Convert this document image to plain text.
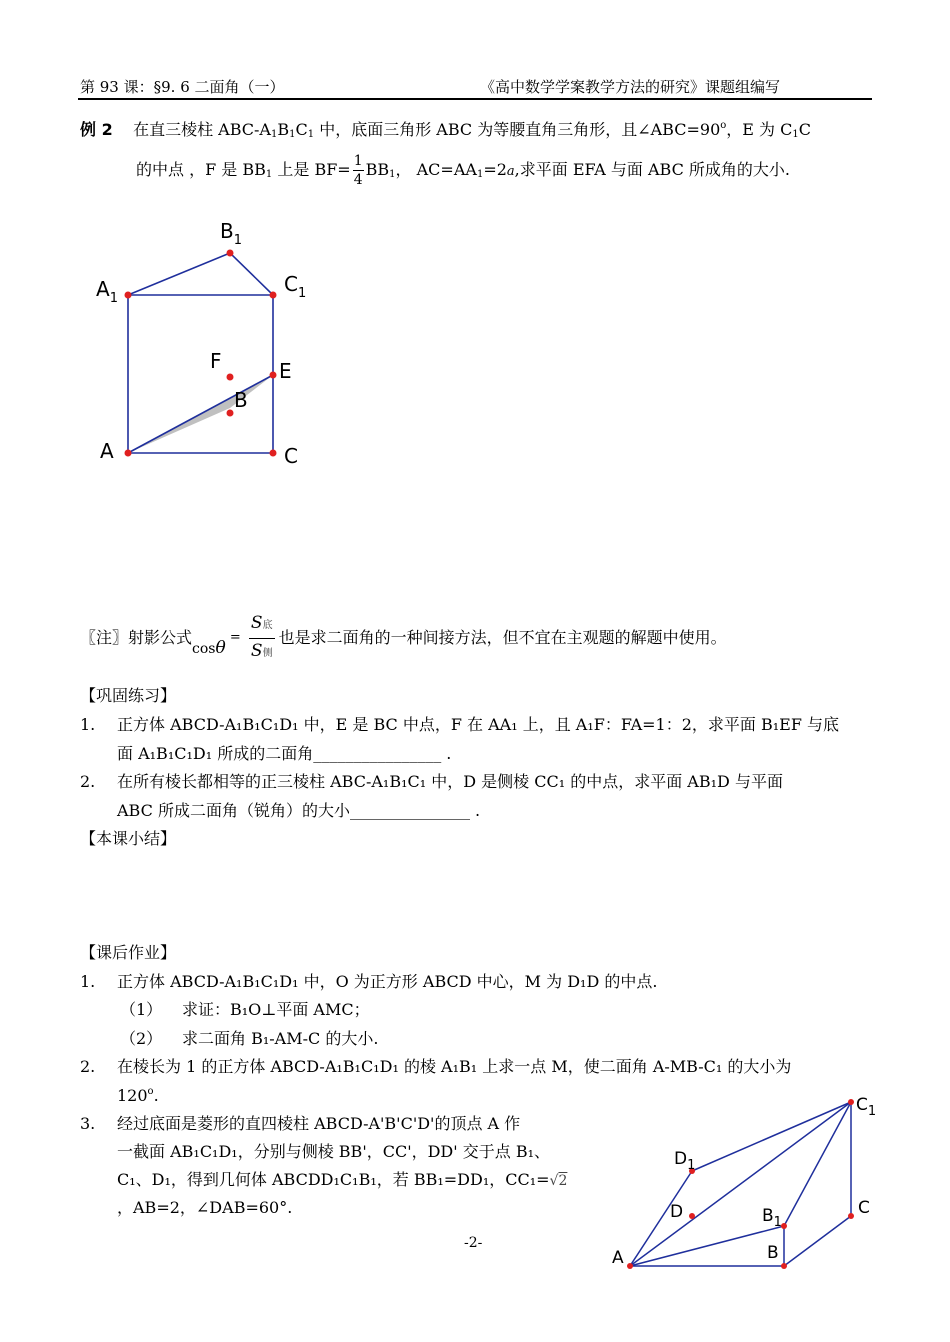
第 93 课：§9. 6 二面角（一）	《高中数学学案教学方法的研究》课题组编写
例 2 在直三棱柱 ABC-$A_1B_1C_1$ 中，底面三角形 ABC 为等腰直角三角形，且$\angle ABC=90^o$，E 为 $C_1C$
的中点 ，F 是 $BB_1$ 上是 $BF= \frac{1}{4} BB_1$， $AC=AA_1=2a$,求平面 EFA 与面 ABC 所成角的大小.
$B_1$
$A_1$
$C_1$
F	E
B
A	C
〖注〗射影公式$\cos\theta = \frac{\text{S底}}{\text{S侧}}$ 也是求二面角的一种间接方法，但不宜在主观题的解题中使用。
【巩固练习】
1. 正方体 ABCD-A₁B₁C₁D₁ 中，E 是 BC 中点，F 在 AA₁ 上，且 A₁F：FA=1：2，求平面 B₁EF 与底
面 A₁B₁C₁D₁ 所成的二面角________________ .
2. 在所有棱长都相等的正三棱柱 ABC-A₁B₁C₁ 中，D 是侧棱 CC₁ 的中点，求平面 AB₁D 与平面
ABC 所成二面角（锐角）的大小_______________ .
【本课小结】
【课后作业】
1. 正方体 ABCD-A₁B₁C₁D₁ 中，O 为正方形 ABCD 中心，M 为 D₁D 的中点.
（1） 求证：B₁O⊥平面 AMC；
（2） 求二面角 B₁-AM-C 的大小.
2. 在棱长为 1 的正方体 ABCD-A₁B₁C₁D₁ 的棱 A₁B₁ 上求一点 M，使二面角 A-MB-C₁ 的大小为
120$^o$.
3. 经过底面是菱形的直四棱柱 ABCD-A'B'C'D'的顶点 A 作
一截面 AB₁C₁D₁，分别与侧棱 BB'，CC'，DD' 交于点 B₁、
C₁、D₁，得到几何体 ABCDD₁C₁B₁，若 BB₁=DD₁，CC₁=√2
，AB=2，∠DAB=60°.
$C_1$
$D_1$
D	$B_1$
C
A	B
-2-
